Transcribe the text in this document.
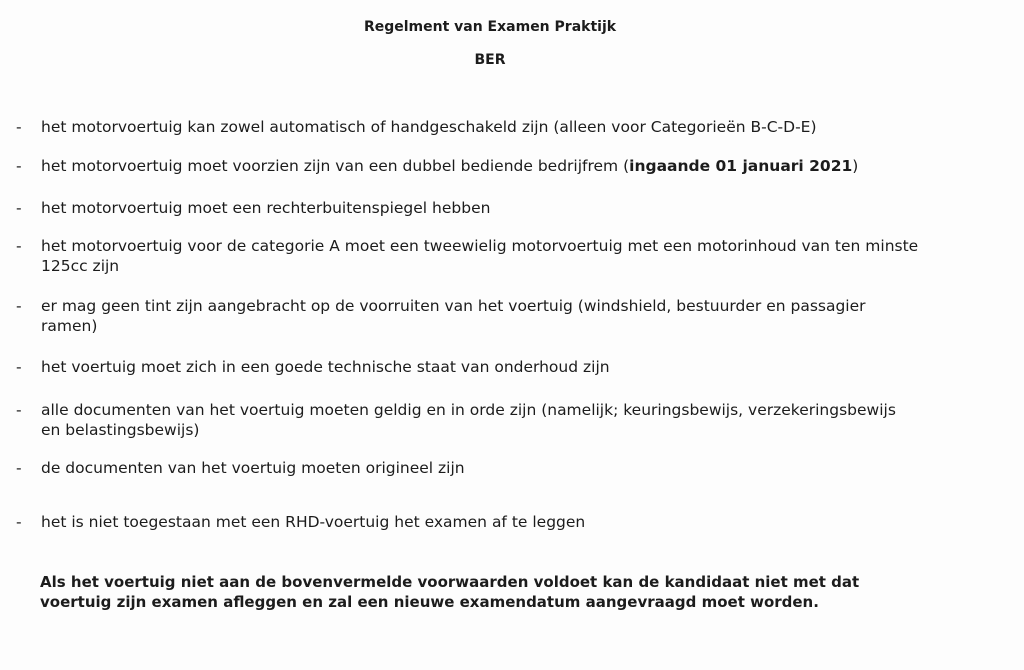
Regelment van Examen Praktijk
BER
- het motorvoertuig kan zowel automatisch of handgeschakeld zijn (alleen voor Categorieën B-C-D-E)
- het motorvoertuig moet voorzien zijn van een dubbel bediende bedrijfrem (ingaande 01 januari 2021)
- het motorvoertuig moet een rechterbuitenspiegel hebben
- het motorvoertuig voor de categorie A moet een tweewielig motorvoertuig met een motorinhoud van ten minste
125cc zijn
- er mag geen tint zijn aangebracht op de voorruiten van het voertuig (windshield, bestuurder en passagier
ramen)
- het voertuig moet zich in een goede technische staat van onderhoud zijn
- alle documenten van het voertuig moeten geldig en in orde zijn (namelijk; keuringsbewijs, verzekeringsbewijs
en belastingsbewijs)
- de documenten van het voertuig moeten origineel zijn
- het is niet toegestaan met een RHD-voertuig het examen af te leggen
Als het voertuig niet aan de bovenvermelde voorwaarden voldoet kan de kandidaat niet met dat
voertuig zijn examen afleggen en zal een nieuwe examendatum aangevraagd moet worden.
